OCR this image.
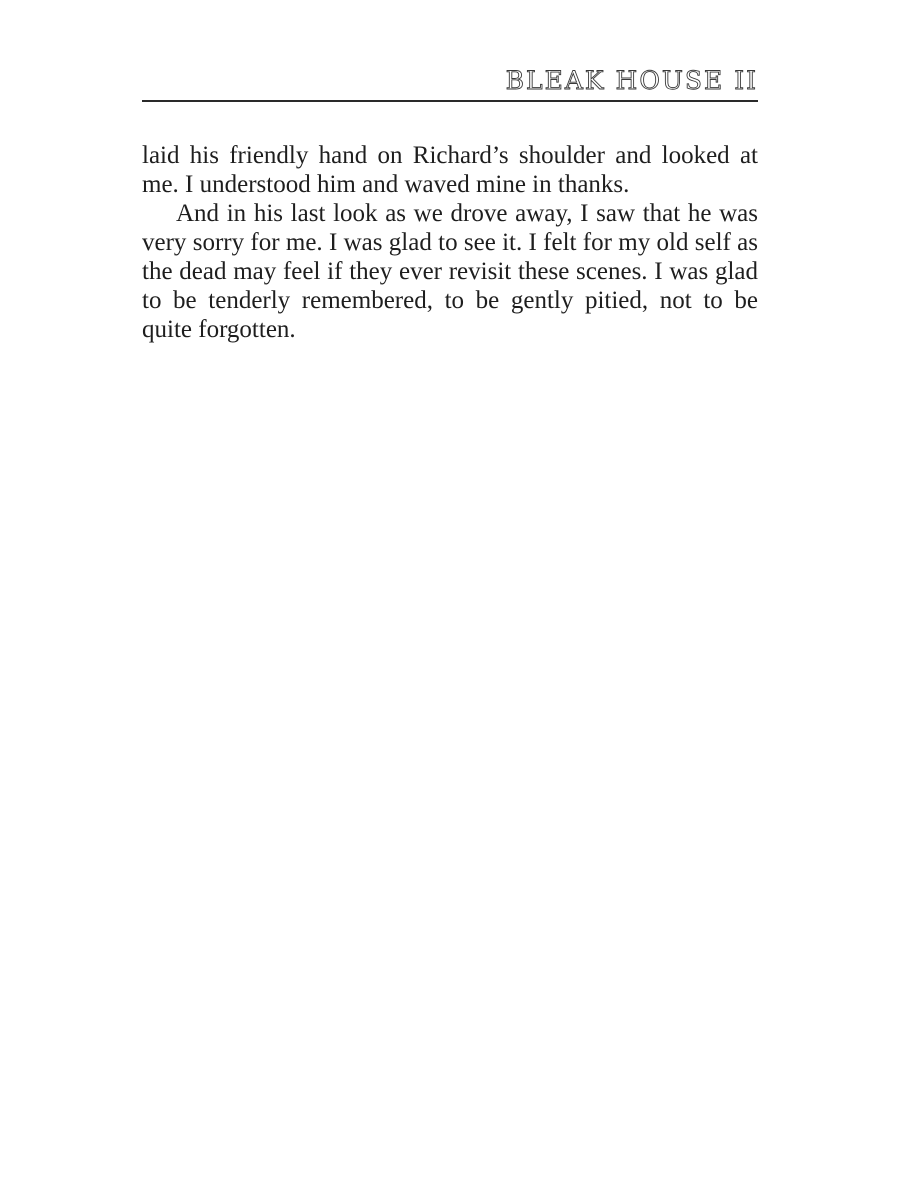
BLEAK HOUSE II

laid his friendly hand on Richard’s shoulder and looked at me. I understood him and waved mine in thanks.

And in his last look as we drove away, I saw that he was very sorry for me. I was glad to see it. I felt for my old self as the dead may feel if they ever revisit these scenes. I was glad to be tenderly remembered, to be gently pitied, not to be quite forgotten.
